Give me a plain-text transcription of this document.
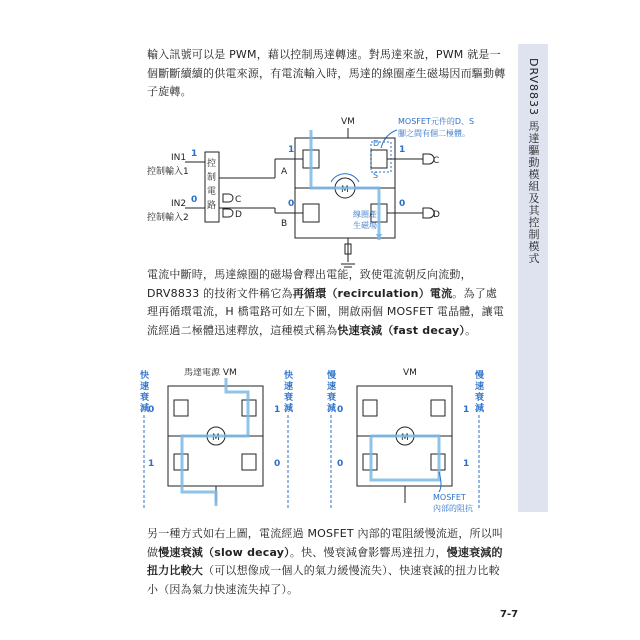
輸入訊號可以是 PWM，藉以控制馬達轉速。對馬達來說，PWM 就是一個斷斷續續的供電來源，有電流輸入時，馬達的線圈產生磁場因而驅動轉子旋轉。
MOSFET元件的D、S
腳之間有個二極體。
VM
D
S
M
線圈產
生磁場
1
A
0
B
1
C
0
D
C
D
控
制
電
路
IN1 1
控制輸入1
IN2 0
控制輸入2
電流中斷時，馬達線圈的磁場會釋出電能，致使電流朝反向流動，DRV8833 的技術文件稱它為再循環（recirculation）電流。為了處理再循環電流，H 橋電路可如左下圖，開啟兩個 MOSFET 電晶體，讓電流經過二極體迅速釋放，這種模式稱為快速衰減（fast decay）。
快
速
衰
減
快
速
衰
減
馬達電源 VM
M
0
1
1
0
慢
速
衰
減
慢
速
衰
減
VM
M
0
0
1
1
MOSFET
內部的阻抗
另一種方式如右上圖，電流經過 MOSFET 內部的電阻緩慢流逝，所以叫做慢速衰減（slow decay）。快、慢衰減會影響馬達扭力，慢速衰減的扭力比較大（可以想像成一個人的氣力緩慢流失）、快速衰減的扭力比較小（因為氣力快速流失掉了）。
DRV8833 馬達驅動模組及其控制模式
7-7
